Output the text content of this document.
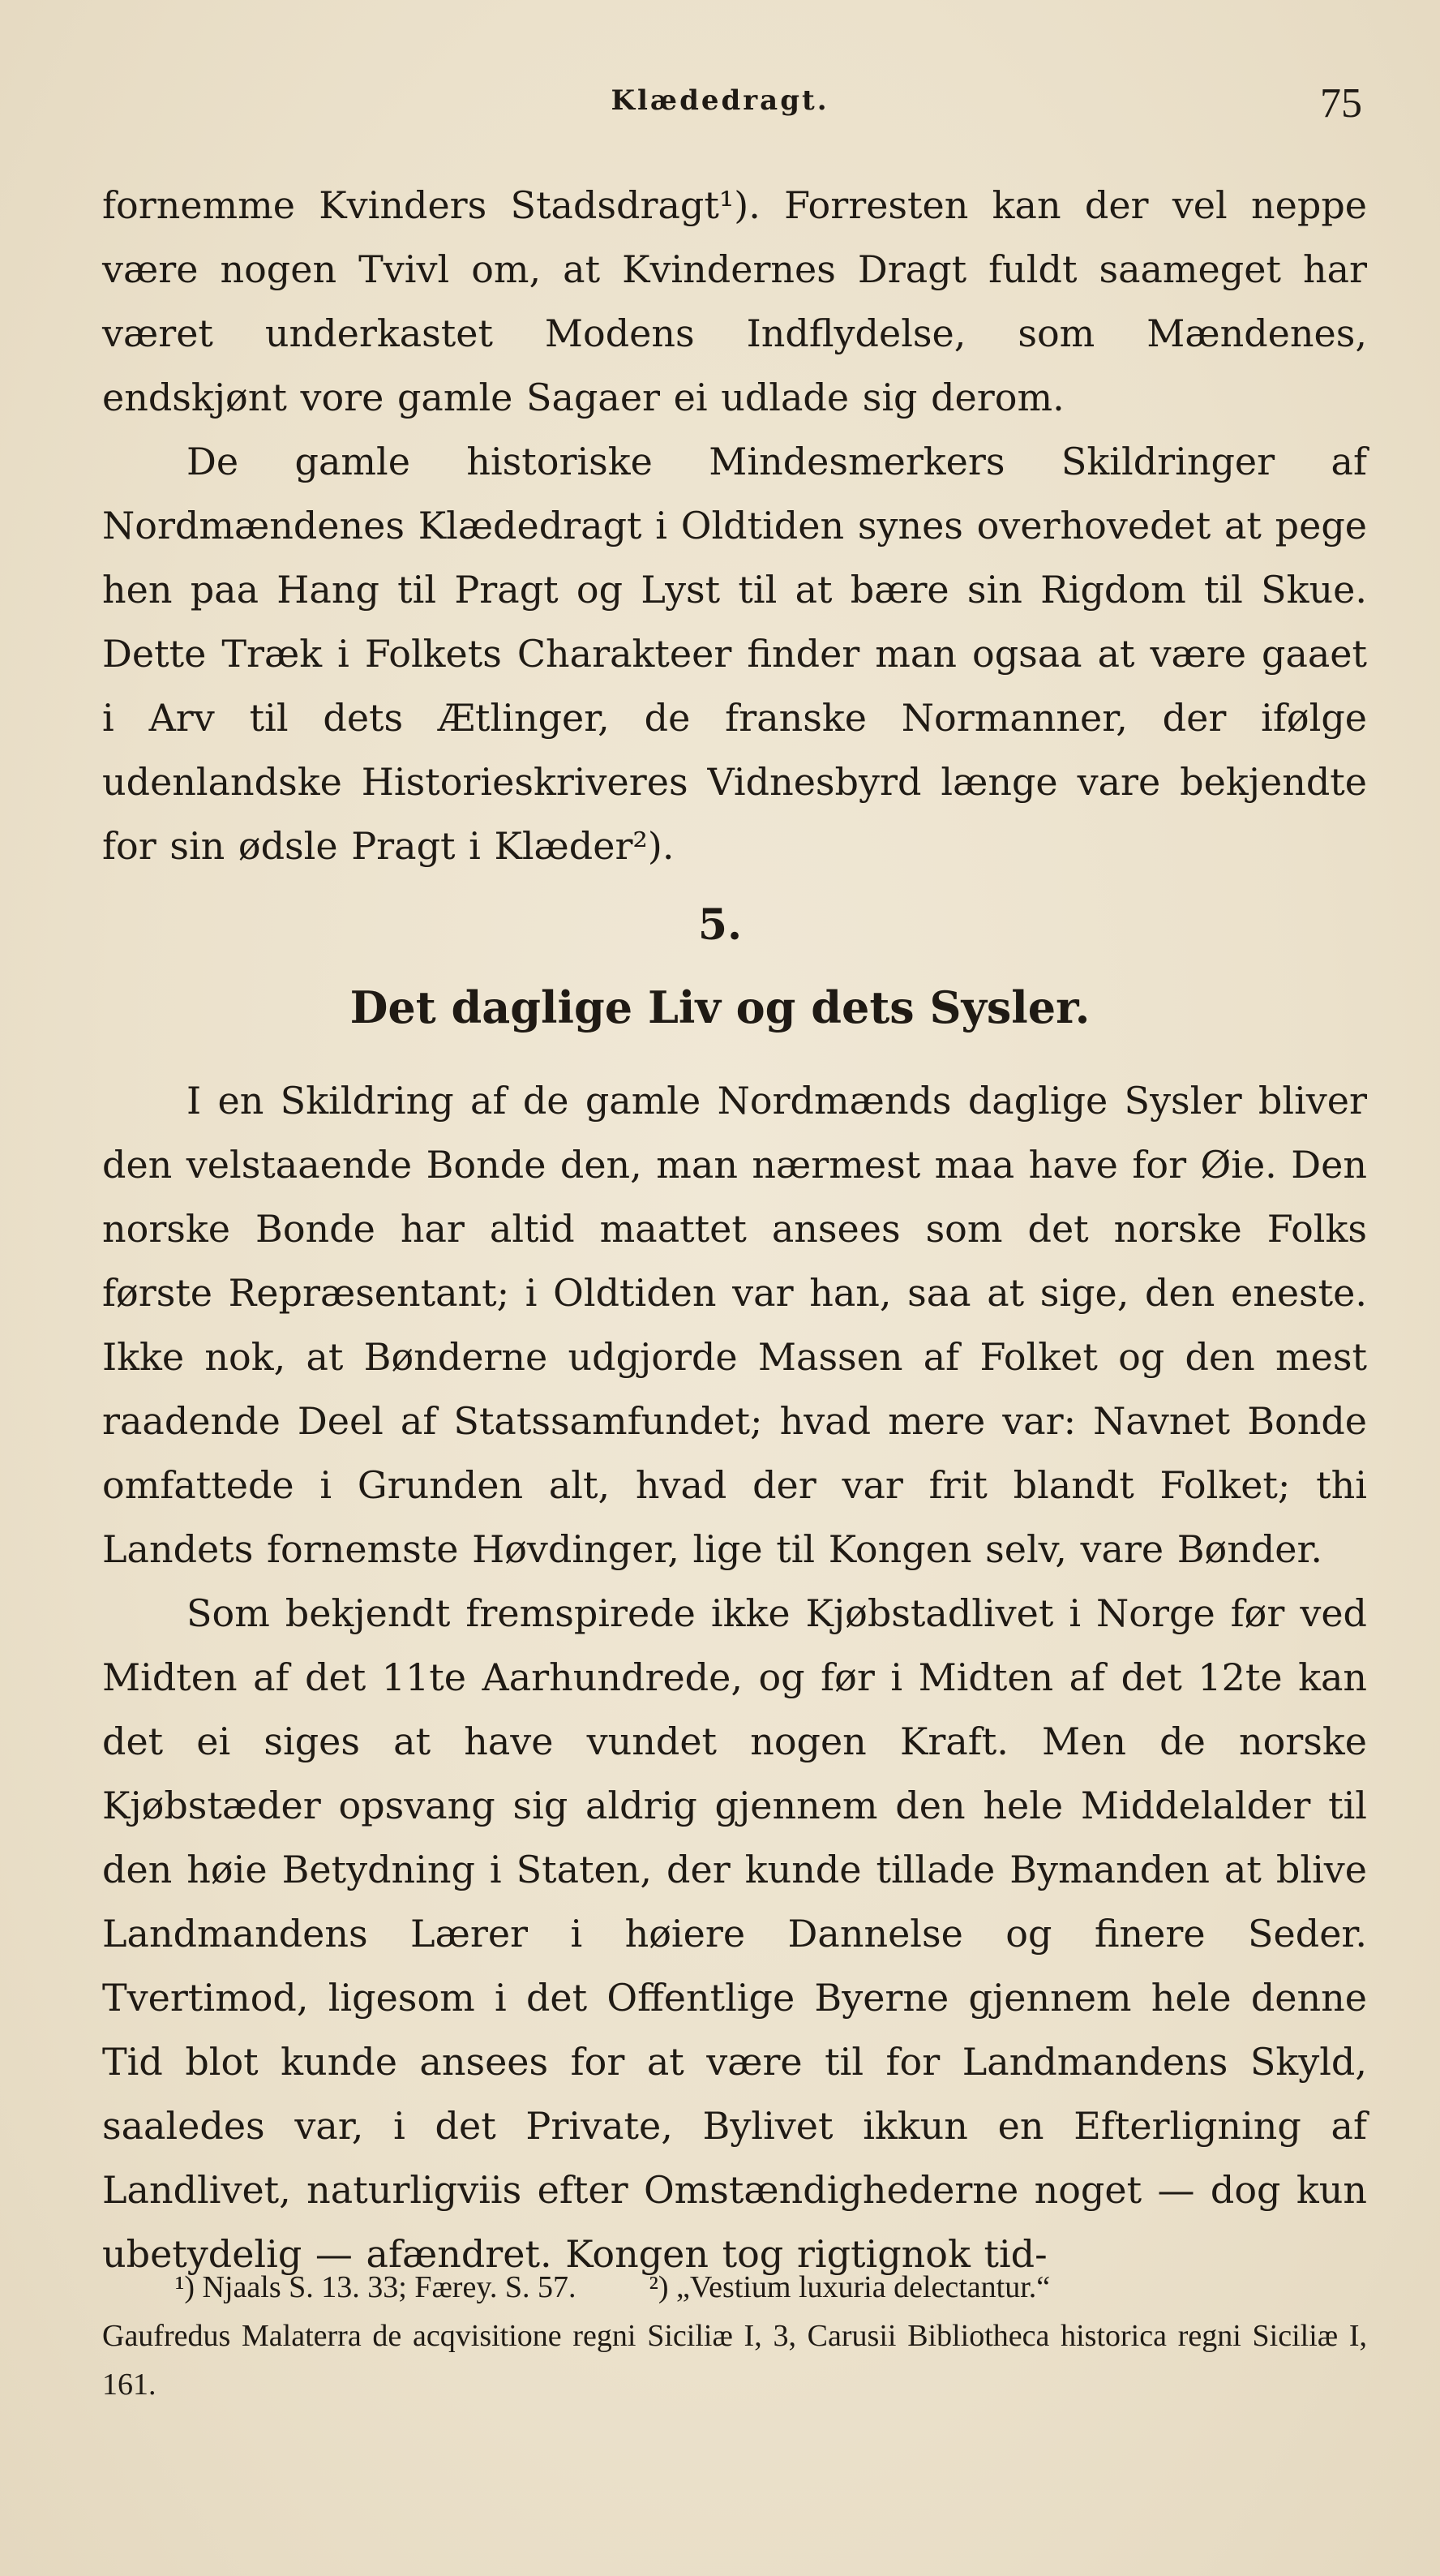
Klædedragt.	75

fornemme Kvinders Stadsdragt¹). Forresten kan der vel neppe være nogen Tvivl om, at Kvindernes Dragt fuldt saameget har været underkastet Modens Indflydelse, som Mændenes, endskjønt vore gamle Sagaer ei udlade sig derom.

De gamle historiske Mindesmerkers Skildringer af Nordmændenes Klædedragt i Oldtiden synes overhovedet at pege hen paa Hang til Pragt og Lyst til at bære sin Rigdom til Skue. Dette Træk i Folkets Charakteer finder man ogsaa at være gaaet i Arv til dets Ætlinger, de franske Normanner, der ifølge udenlandske Historieskriveres Vidnesbyrd længe vare bekjendte for sin ødsle Pragt i Klæder²).

5.
Det daglige Liv og dets Sysler.

I en Skildring af de gamle Nordmænds daglige Sysler bliver den velstaaende Bonde den, man nærmest maa have for Øie. Den norske Bonde har altid maattet ansees som det norske Folks første Repræsentant; i Oldtiden var han, saa at sige, den eneste. Ikke nok, at Bønderne udgjorde Massen af Folket og den mest raadende Deel af Statssamfundet; hvad mere var: Navnet Bonde omfattede i Grunden alt, hvad der var frit blandt Folket; thi Landets fornemste Høvdinger, lige til Kongen selv, vare Bønder.

Som bekjendt fremspirede ikke Kjøbstadlivet i Norge før ved Midten af det 11te Aarhundrede, og før i Midten af det 12te kan det ei siges at have vundet nogen Kraft. Men de norske Kjøbstæder opsvang sig aldrig gjennem den hele Middelalder til den høie Betydning i Staten, der kunde tillade Bymanden at blive Landmandens Lærer i høiere Dannelse og finere Seder. Tvertimod, ligesom i det Offentlige Byerne gjennem hele denne Tid blot kunde ansees for at være til for Landmandens Skyld, saaledes var, i det Private, Bylivet ikkun en Efterligning af Landlivet, naturligviis efter Omstændighederne noget — dog kun ubetydelig — afændret. Kongen tog rigtignok tid-

¹) Njaals S. 13. 33; Færey. S. 57. ²) „Vestium luxuria delectantur.“

Gaufredus Malaterra de acqvisitione regni Siciliæ I, 3, Carusii Bibliotheca historica regni Siciliæ I, 161.
